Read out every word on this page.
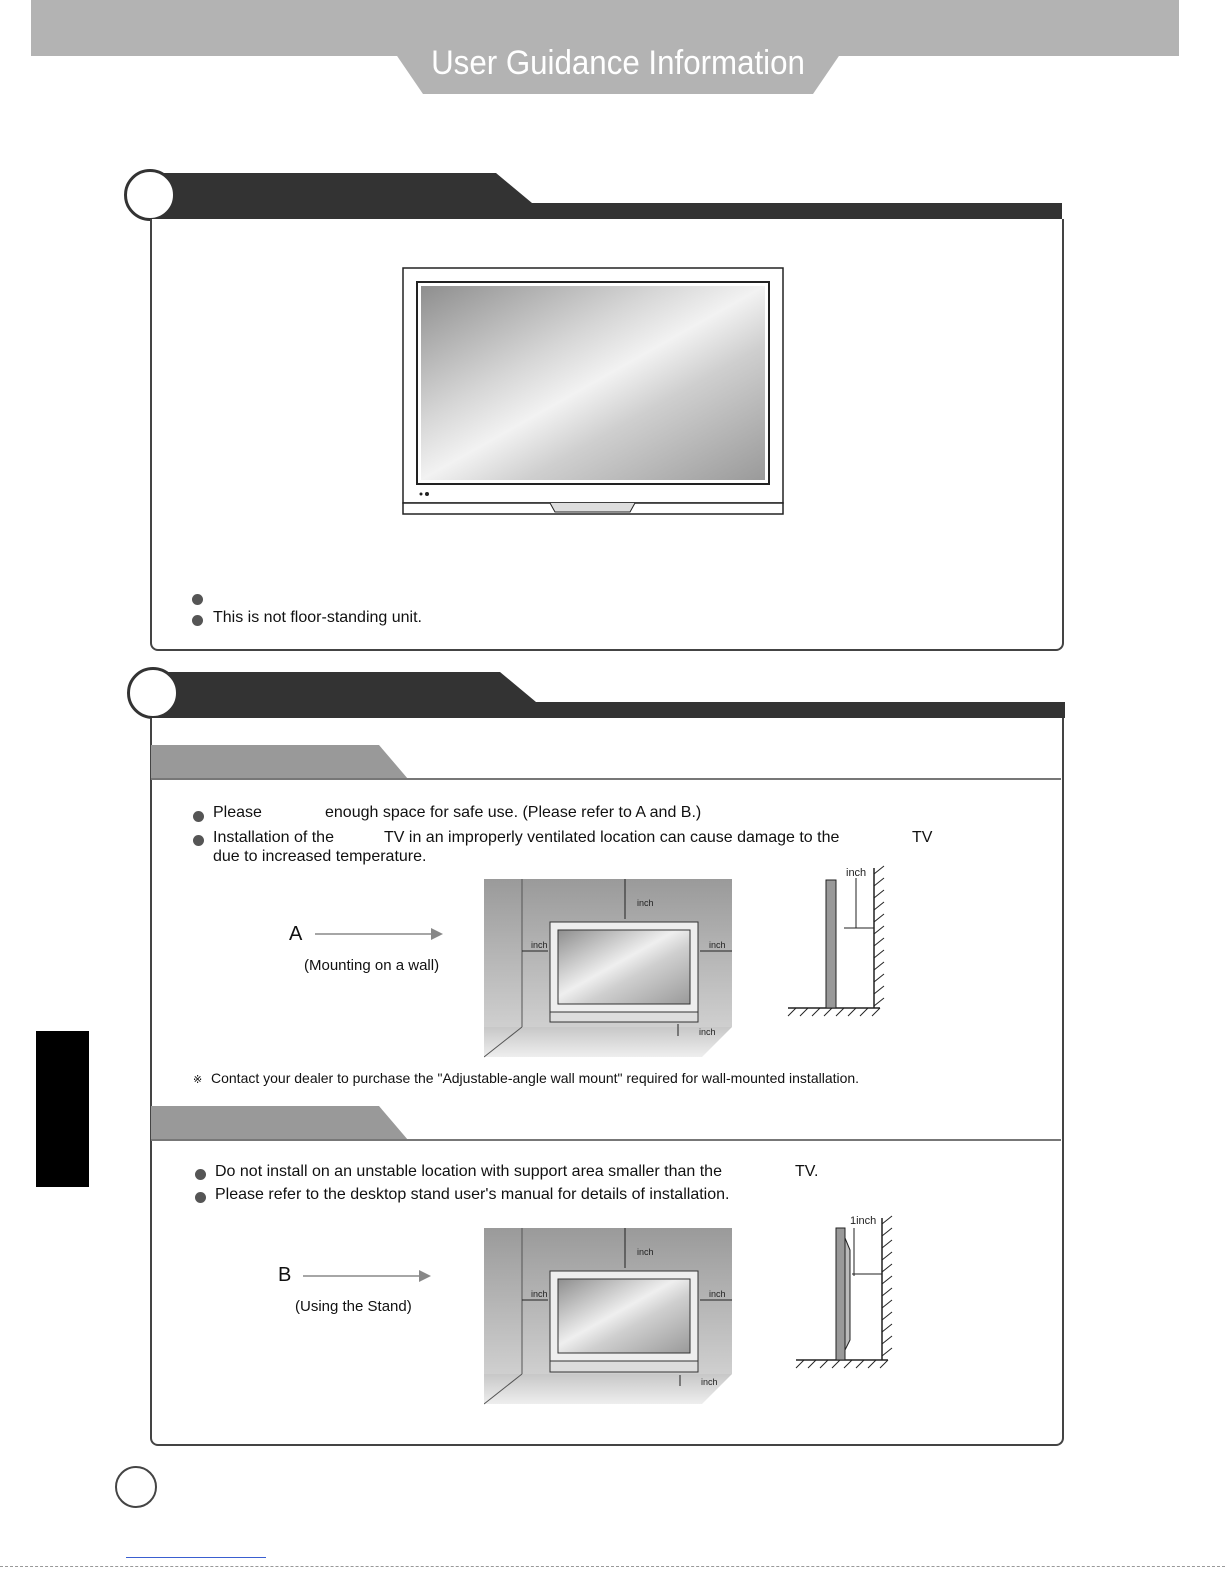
User Guidance Information
This is not floor-standing unit.
Please	enough space for safe use. (Please refer to A and B.)
Installation of the	TV in an improperly ventilated location can cause damage to the	TV
due to increased temperature.
A
(Mounting on a wall)
inch
inch	inch
inch
inch
※ Contact your dealer to purchase the "Adjustable-angle wall mount" required for wall-mounted installation.
Do not install on an unstable location with support area smaller than the	TV.
Please refer to the desktop stand user's manual for details of installation.
B
(Using the Stand)
inch
inch	inch
inch
1inch
